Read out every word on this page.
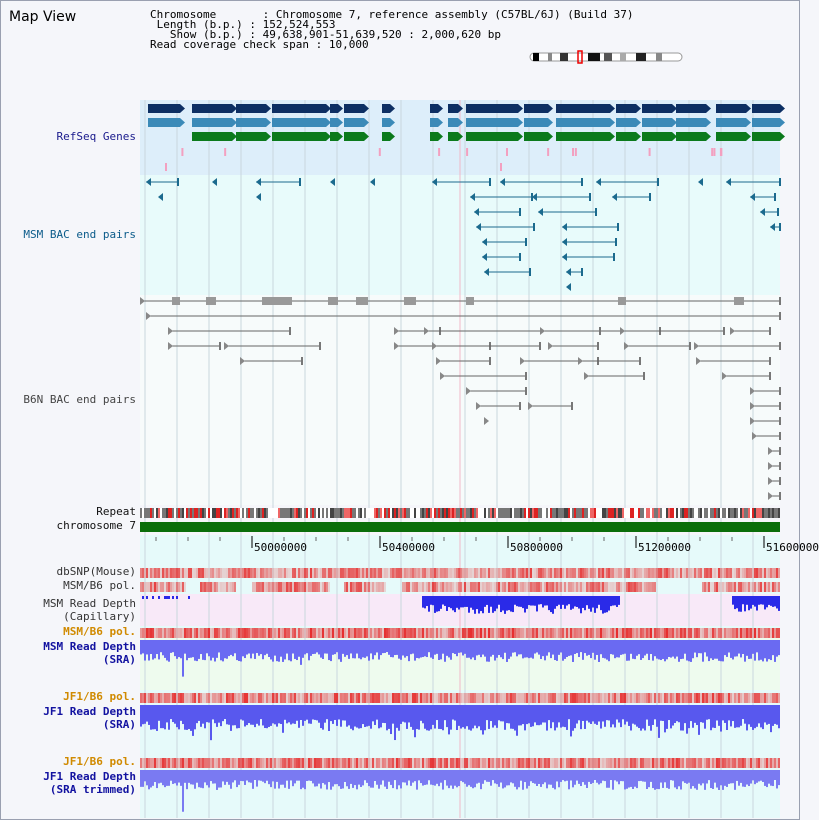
Map View	Chromosome       : Chromosome 7, reference assembly (C57BL/6J) (Build 37)
Length (b.p.) : 152,524,553
Show (b.p.) : 49,638,901-51,639,520 : 2,000,620 bp
Read coverage check span : 10,000
RefSeq Genes
MSM BAC end pairs
B6N BAC end pairs
Repeat
chromosome 7
dbSNP(Mouse)
MSM/B6 pol.
MSM Read Depth
(Capillary)
MSM/B6 pol.
MSM Read Depth
(SRA)
JF1/B6 pol.
JF1 Read Depth
(SRA)
JF1/B6 pol.
JF1 Read Depth
(SRA trimmed)
50000000	50400000	50800000	51200000	51600000
